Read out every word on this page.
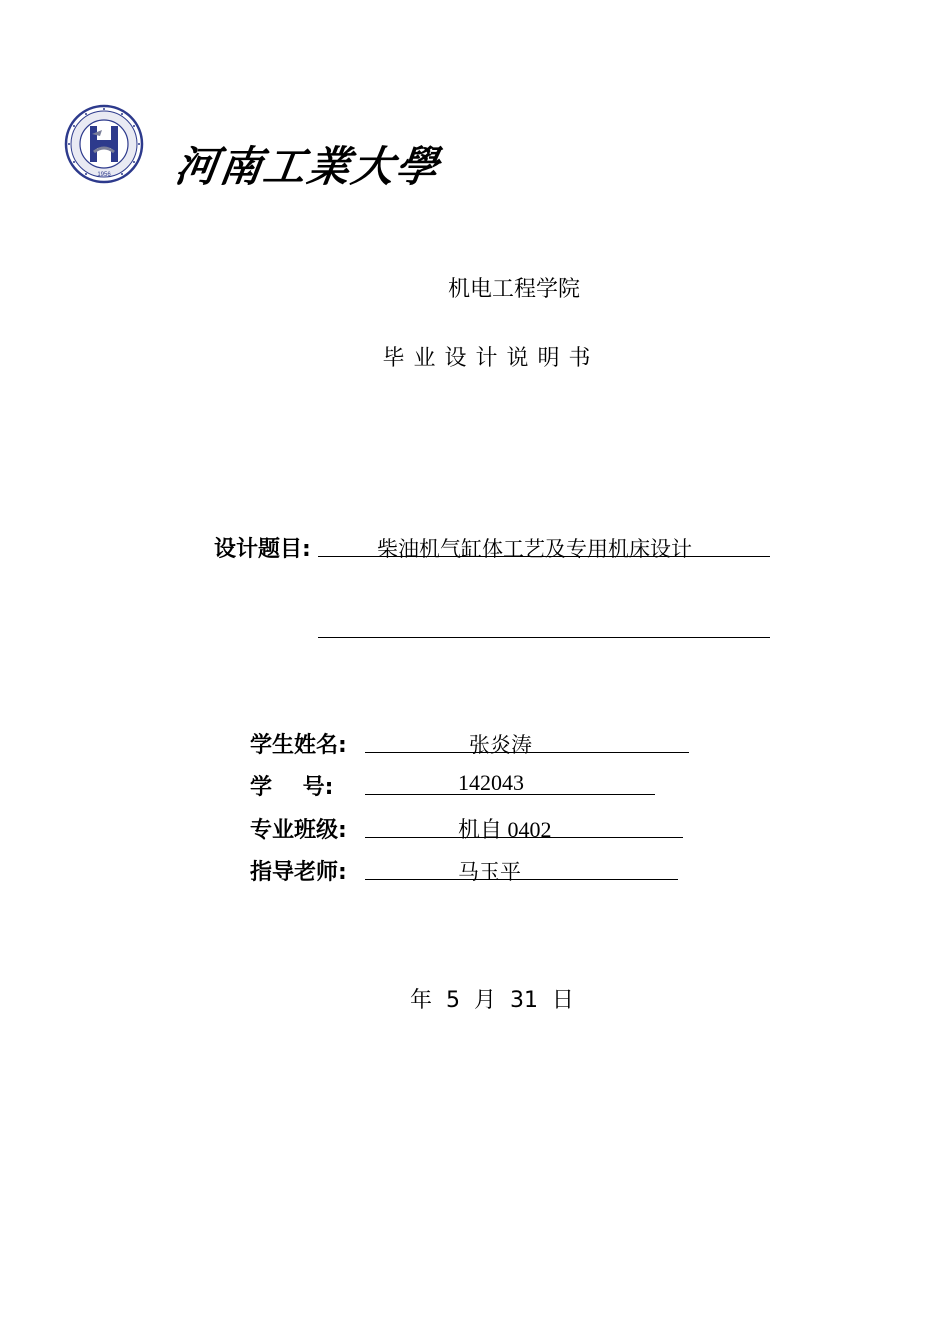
1956 河南工業大學
机电工程学院
毕业设计说明书
设计题目:	柴油机气缸体工艺及专用机床设计
学生姓名:	张炎涛
学    号:	142043
专业班级:	机自 0402
指导老师:	马玉平
年  5  月  31  日
